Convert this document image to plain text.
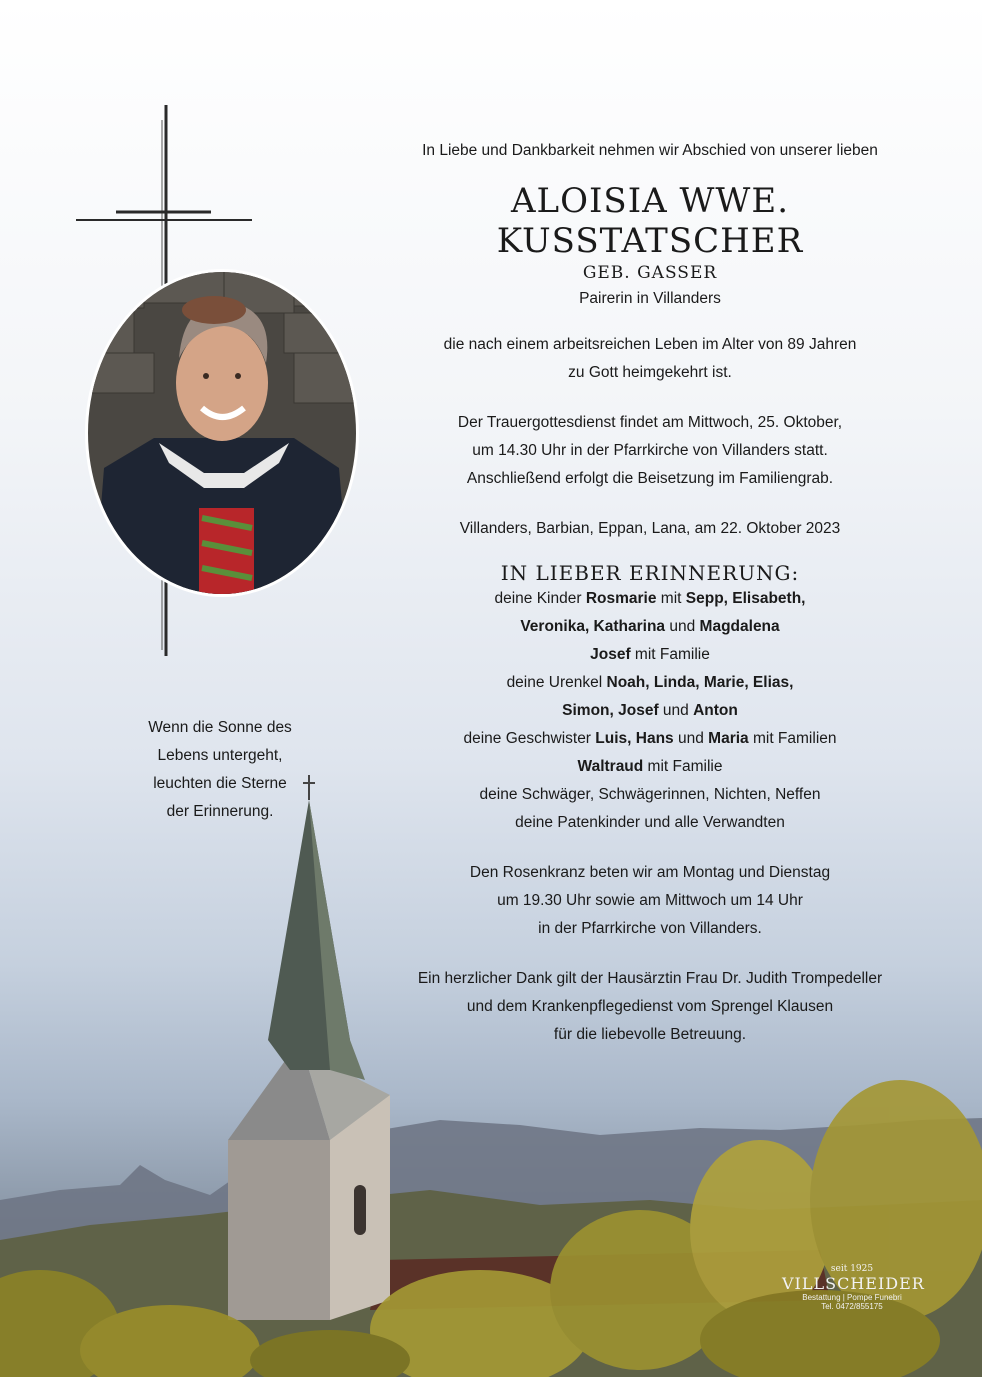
In Liebe und Dankbarkeit nehmen wir Abschied von unserer lieben
ALOISIA WWE. KUSSTATSCHER
GEB. GASSER
Pairerin in Villanders
die nach einem arbeitsreichen Leben im Alter von 89 Jahren
zu Gott heimgekehrt ist.
Der Trauergottesdienst findet am Mittwoch, 25. Oktober,
um 14.30 Uhr in der Pfarrkirche von Villanders statt.
Anschließend erfolgt die Beisetzung im Familiengrab.
Villanders, Barbian, Eppan, Lana, am 22. Oktober 2023
IN LIEBER ERINNERUNG:
deine Kinder Rosmarie mit Sepp, Elisabeth,
Veronika, Katharina und Magdalena
Josef mit Familie
deine Urenkel Noah, Linda, Marie, Elias,
Simon, Josef und Anton
deine Geschwister Luis, Hans und Maria mit Familien
Waltraud mit Familie
deine Schwäger, Schwägerinnen, Nichten, Neffen
deine Patenkinder und alle Verwandten
Den Rosenkranz beten wir am Montag und Dienstag
um 19.30 Uhr sowie am Mittwoch um 14 Uhr
in der Pfarrkirche von Villanders.
Ein herzlicher Dank gilt der Hausärztin Frau Dr. Judith Trompedeller
und dem Krankenpflegedienst vom Sprengel Klausen
für die liebevolle Betreuung.
Wenn die Sonne des
Lebens untergeht,
leuchten die Sterne
der Erinnerung.
seit 1925
VILLSCHEIDER
Bestattung | Pompe Funebri
Tel. 0472/855175
